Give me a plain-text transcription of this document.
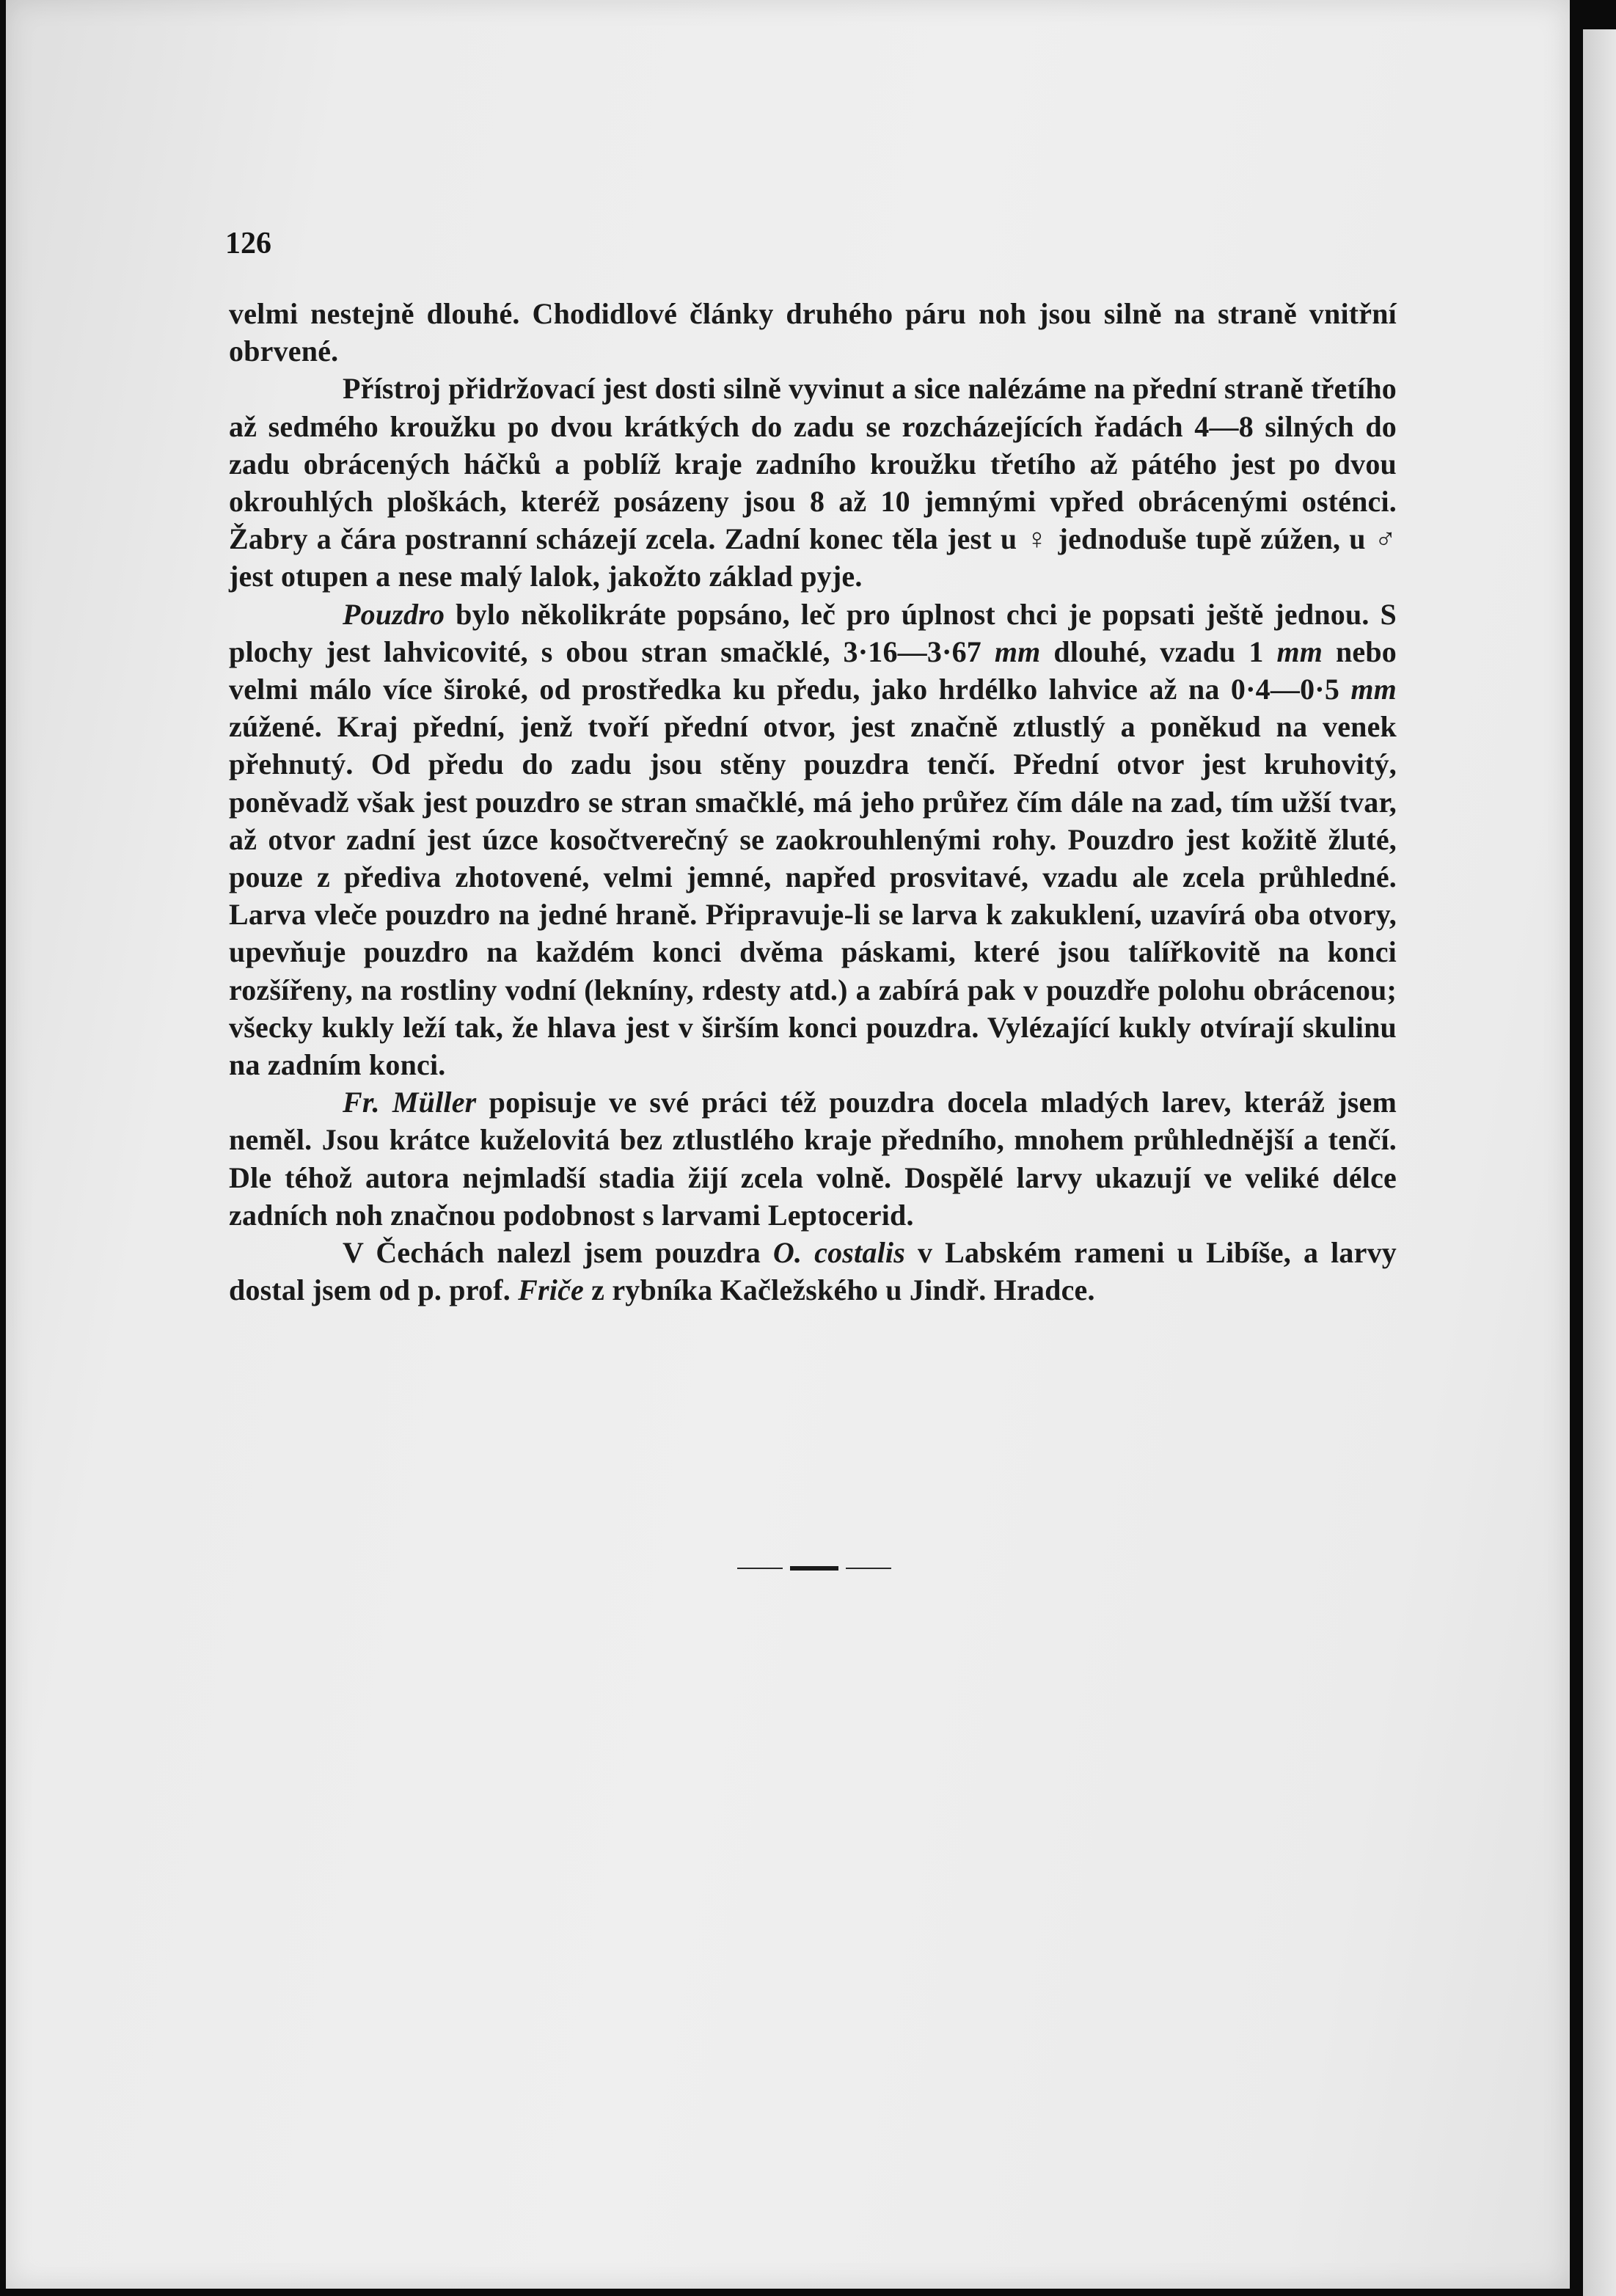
126

velmi nestejně dlouhé. Chodidlové články druhého páru noh jsou silně na straně vnitřní obrvené.

Přístroj přidržovací jest dosti silně vyvinut a sice nalézáme na přední straně třetího až sedmého kroužku po dvou krátkých do zadu se rozcházejících řadách 4—8 silných do zadu obrácených háčků a poblíž kraje zadního kroužku třetího až pátého jest po dvou okrouhlých ploškách, kteréž posázeny jsou 8 až 10 jemnými vpřed obrácenými osténci. Žabry a čára postranní scházejí zcela. Zadní konec těla jest u ♀ jednoduše tupě zúžen, u ♂ jest otupen a nese malý lalok, jakožto základ pyje.

Pouzdro bylo několikráte popsáno, leč pro úplnost chci je popsati ještě jednou. S plochy jest lahvicovité, s obou stran smačklé, 3·16—3·67 mm dlouhé, vzadu 1 mm nebo velmi málo více široké, od prostředka ku předu, jako hrdélko lahvice až na 0·4—0·5 mm zúžené. Kraj přední, jenž tvoří přední otvor, jest značně ztlustlý a poněkud na venek přehnutý. Od předu do zadu jsou stěny pouzdra tenčí. Přední otvor jest kruhovitý, poněvadž však jest pouzdro se stran smačklé, má jeho průřez čím dále na zad, tím užší tvar, až otvor zadní jest úzce kosočtverečný se zaokrouhlenými rohy. Pouzdro jest kožitě žluté, pouze z přediva zhotovené, velmi jemné, napřed prosvitavé, vzadu ale zcela průhledné. Larva vleče pouzdro na jedné hraně. Připravuje-li se larva k zakuklení, uzavírá oba otvory, upevňuje pouzdro na každém konci dvěma páskami, které jsou talířkovitě na konci rozšířeny, na rostliny vodní (lekníny, rdesty atd.) a zabírá pak v pouzdře polohu obrácenou; všecky kukly leží tak, že hlava jest v širším konci pouzdra. Vylézající kukly otvírají skulinu na zadním konci.

Fr. Müller popisuje ve své práci též pouzdra docela mladých larev, kteráž jsem neměl. Jsou krátce kuželovitá bez ztlustlého kraje předního, mnohem průhlednější a tenčí. Dle téhož autora nejmladší stadia žijí zcela volně. Dospělé larvy ukazují ve veliké délce zadních noh značnou podobnost s larvami Leptocerid.

V Čechách nalezl jsem pouzdra O. costalis v Labském rameni u Libíše, a larvy dostal jsem od p. prof. Friče z rybníka Kačležského u Jindř. Hradce.
